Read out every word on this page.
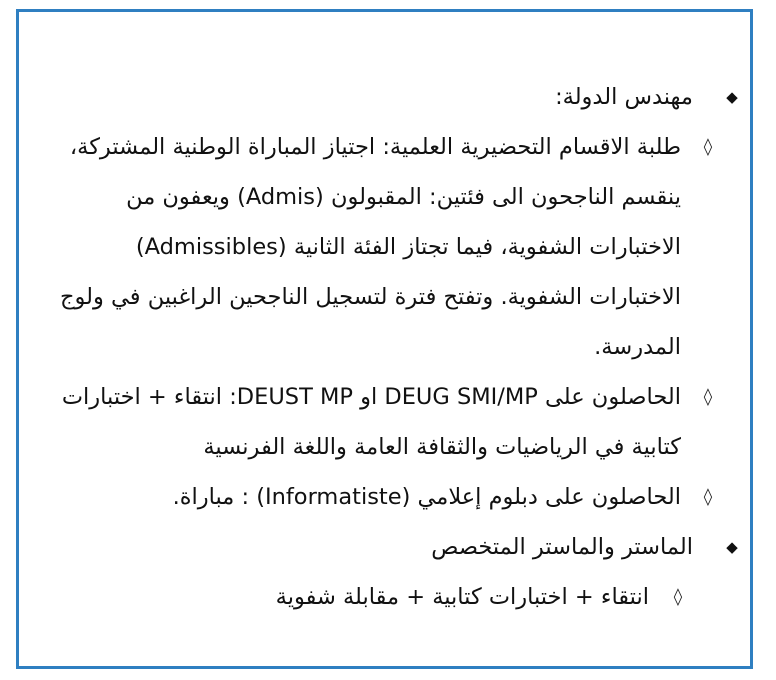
◆
مهندس الدولة:
◊
طلبة الاقسام التحضيرية العلمية: اجتياز المباراة الوطنية المشتركة، ينقسم الناجحون الى فئتين: المقبولون (Admis) ويعفون من الاختبارات الشفوية، فيما تجتاز الفئة الثانية (Admissibles) الاختبارات الشفوية. وتفتح فترة لتسجيل الناجحين الراغبين في ولوج المدرسة.
◊
الحاصلون على DEUG SMI/MP او DEUST MP: انتقاء + اختبارات كتابية في الرياضيات والثقافة العامة واللغة الفرنسية
◊
الحاصلون على دبلوم إعلامي (Informatiste) : مباراة.
◆
الماستر والماستر المتخصص
◊
انتقاء + اختبارات كتابية + مقابلة شفوية
